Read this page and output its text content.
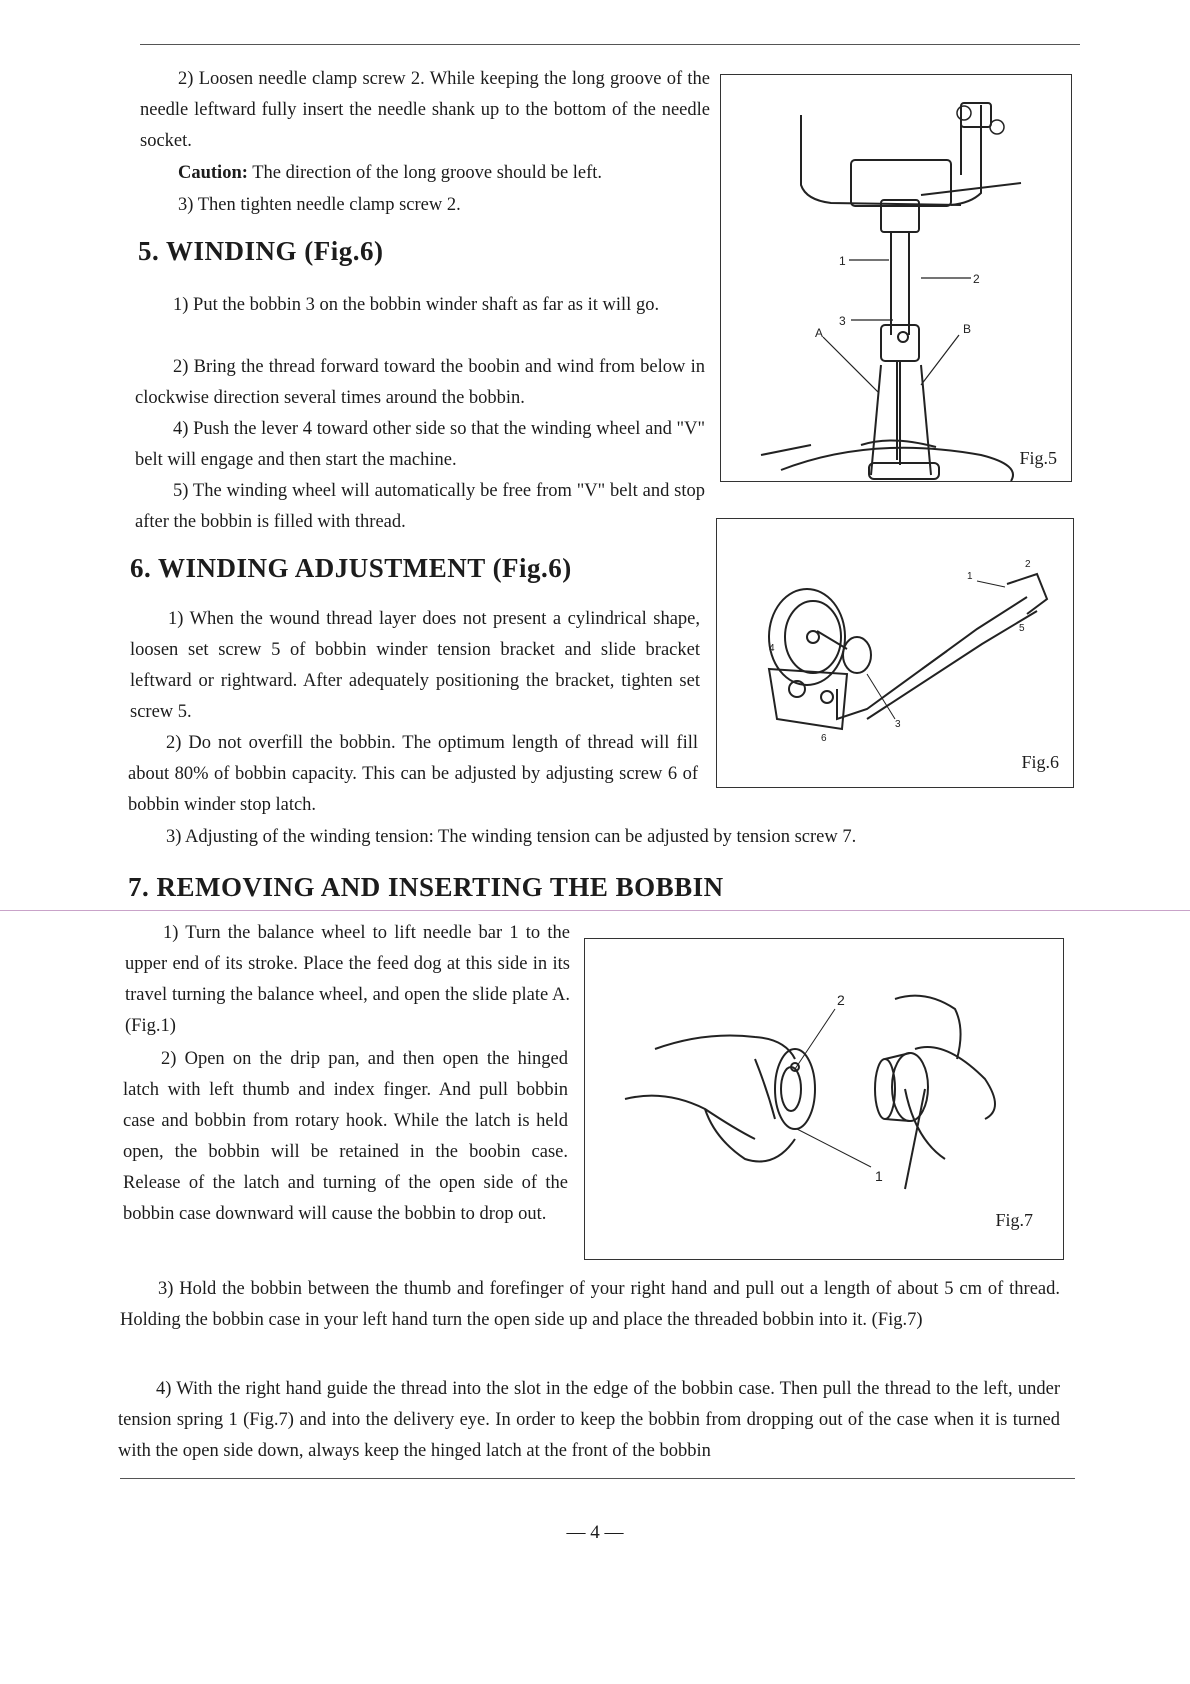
2) Loosen needle clamp screw 2. While keeping the long groove of the needle leftward fully insert the needle shank up to the bottom of the needle socket.

Caution: The direction of the long groove should be left.

3) Then tighten needle clamp screw 2.

5. WINDING (Fig.6)

1) Put the bobbin 3 on the bobbin winder shaft as far as it will go.

2) Bring the thread forward toward the boobin and wind from below in clockwise direction several times around the bobbin.

4) Push the lever 4 toward other side so that the winding wheel and "V" belt will engage and then start the machine.

5) The winding wheel will automatically be free from "V" belt and stop after the bobbin is filled with thread.

6. WINDING ADJUSTMENT (Fig.6)

1) When the wound thread layer does not present a cylindrical shape, loosen set screw 5 of bobbin winder tension bracket and slide bracket leftward or rightward. After adequately positioning the bracket, tighten set screw 5.

2) Do not overfill the bobbin. The optimum length of thread will fill about 80% of bobbin capacity. This can be adjusted by adjusting screw 6 of bobbin winder stop latch.

3) Adjusting of the winding tension: The winding tension can be adjusted by tension screw 7.

7. REMOVING AND INSERTING THE BOBBIN

1) Turn the balance wheel to lift needle bar 1 to the upper end of its stroke. Place the feed dog at this side in its travel turning the balance wheel, and open the slide plate A. (Fig.1)

2) Open on the drip pan, and then open the hinged latch with left thumb and index finger. And pull bobbin case and bobbin from rotary hook. While the latch is held open, the bobbin will be retained in the boobin case. Release of the latch and turning of the open side of the bobbin case downward will cause the bobbin to drop out.

3) Hold the bobbin between the thumb and forefinger of your right hand and pull out a length of about 5 cm of thread. Holding the bobbin case in your left hand turn the open side up and place the threaded bobbin into it. (Fig.7)

4) With the right hand guide the thread into the slot in the edge of the bobbin case. Then pull the thread to the left, under tension spring 1 (Fig.7) and into the delivery eye. In order to keep the bobbin from dropping out of the case when it is turned with the open side down, always keep the hinged latch at the front of the bobbin

— 4 —
1
2
3
A	B
Fig.5
1
2
3
4
5
6
Fig.6
2
1
Fig.7
